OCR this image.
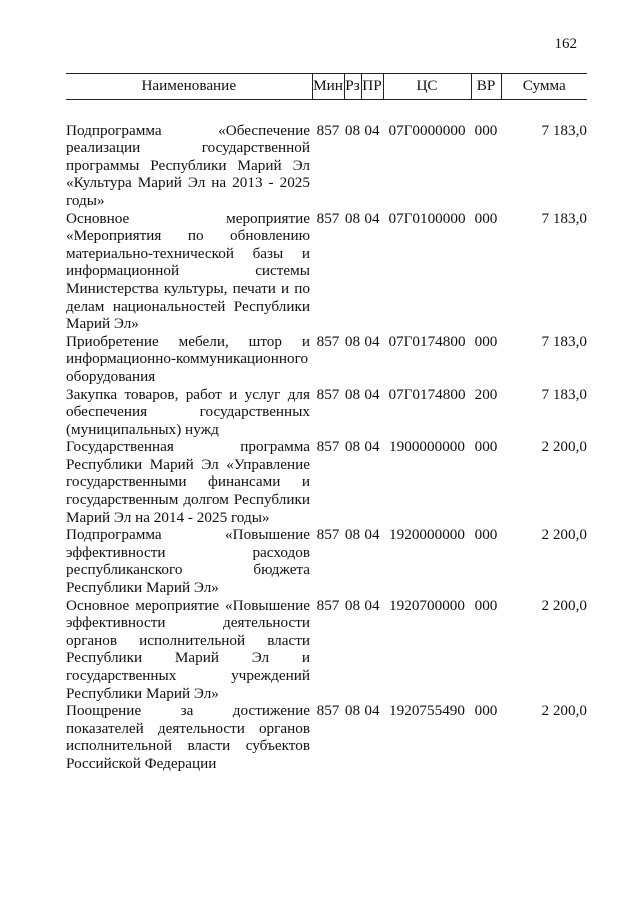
162
Наименование	Мин	Рз	ПР	ЦС	ВР	Сумма

Подпрограмма «Обеспечение реализации государственной программы Республики Марий Эл «Культура Марий Эл на 2013 - 2025 годы»	857	08	04	07Г0000000	000	7 183,0

Основное мероприятие «Мероприятия по обновлению материально-технической базы и информационной системы Министерства культуры, печати и по делам национальностей Республики Марий Эл»	857	08	04	07Г0100000	000	7 183,0

Приобретение мебели, штор и информационно-коммуникационного оборудования	857	08	04	07Г0174800	000	7 183,0

Закупка товаров, работ и услуг для обеспечения государственных (муниципальных) нужд	857	08	04	07Г0174800	200	7 183,0

Государственная программа Республики Марий Эл «Управление государственными финансами и государственным долгом Республики Марий Эл на 2014 - 2025 годы»	857	08	04	1900000000	000	2 200,0

Подпрограмма «Повышение эффективности расходов республиканского бюджета Республики Марий Эл»	857	08	04	1920000000	000	2 200,0

Основное мероприятие «Повышение эффективности деятельности органов исполнительной власти Республики Марий Эл и государственных учреждений Республики Марий Эл»	857	08	04	1920700000	000	2 200,0

Поощрение за достижение показателей деятельности органов исполнительной власти субъектов Российской Федерации	857	08	04	1920755490	000	2 200,0
